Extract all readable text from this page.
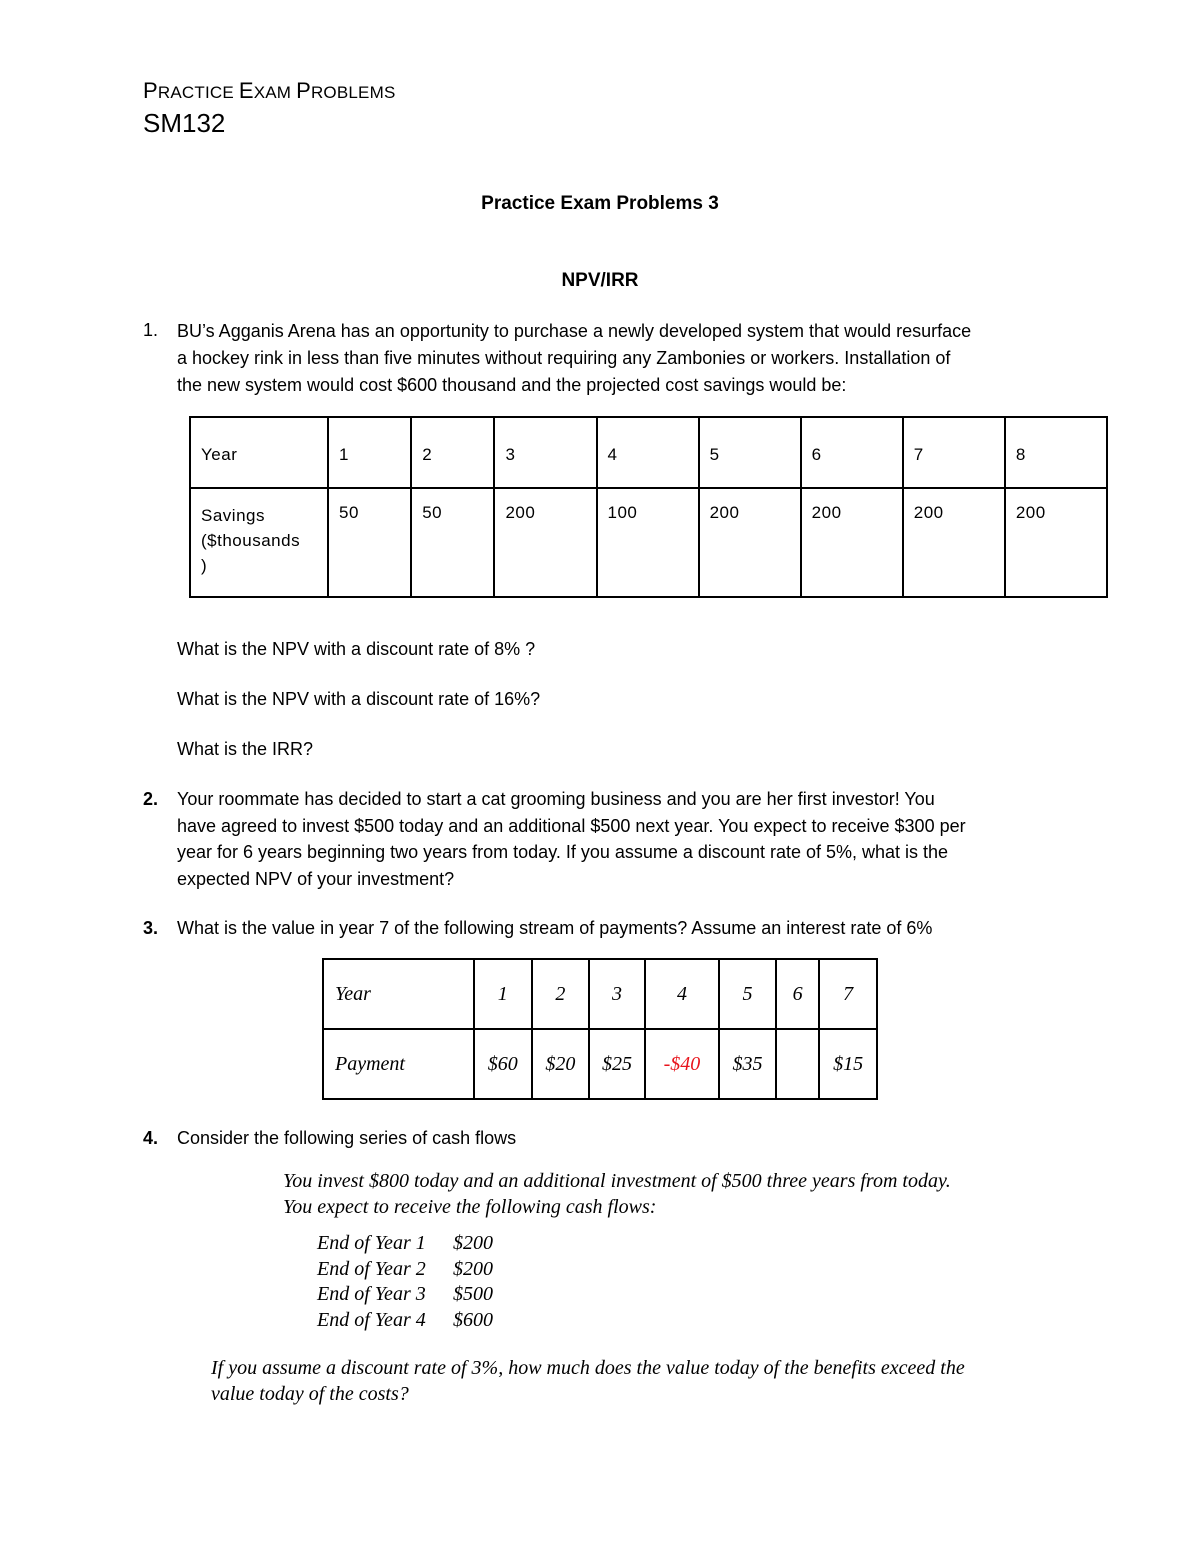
PRACTICE EXAM PROBLEMS
SM132
Practice Exam Problems 3
NPV/IRR
1. BU’s Agganis Arena has an opportunity to purchase a newly developed system that would resurface
a hockey rink in less than five minutes without requiring any Zambonies or workers. Installation of
the new system would cost $600 thousand and the projected cost savings would be:
Year	1	2	3	4	5	6	7	8

Savings
($thousands
)	50	50	200	100	200	200	200	200
What is the NPV with a discount rate of 8% ?
What is the NPV with a discount rate of 16%?
What is the IRR?
2. Your roommate has decided to start a cat grooming business and you are her first investor! You
have agreed to invest $500 today and an additional $500 next year. You expect to receive $300 per
year for 6 years beginning two years from today. If you assume a discount rate of 5%, what is the
expected NPV of your investment?
3. What is the value in year 7 of the following stream of payments? Assume an interest rate of 6%
Year	1	2	3	4	5	6	7
Payment	$60	$20	$25	-$40	$35		$15
4. Consider the following series of cash flows
You invest $800 today and an additional investment of $500 three years from today.
You expect to receive the following cash flows:
End of Year 1 $200
End of Year 2 $200
End of Year 3 $500
End of Year 4 $600
If you assume a discount rate of 3%, how much does the value today of the benefits exceed the
value today of the costs?
